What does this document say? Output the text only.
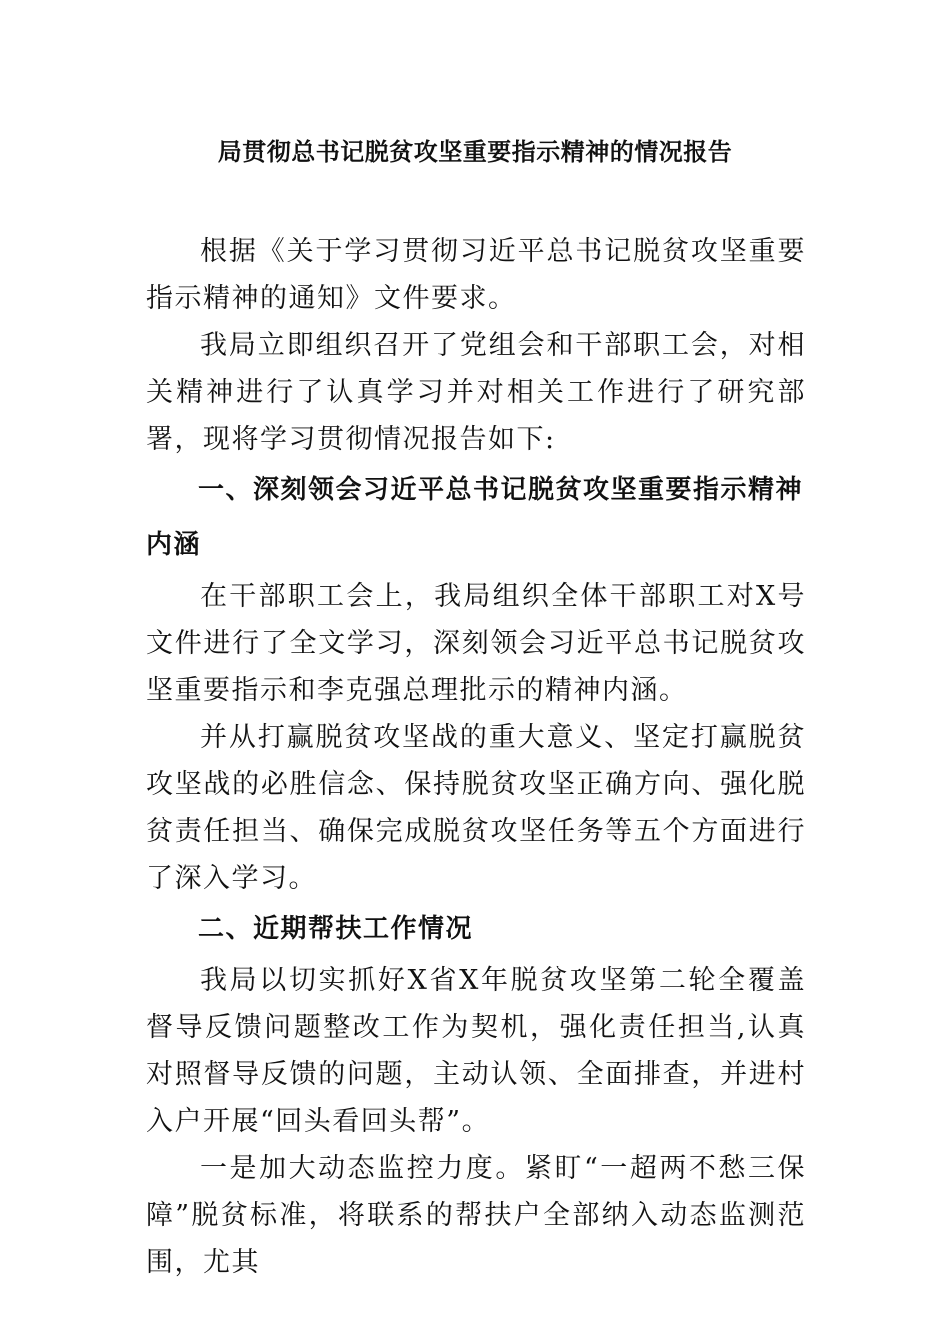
局贯彻总书记脱贫攻坚重要指示精神的情况报告

根据《关于学习贯彻习近平总书记脱贫攻坚重要指示精神的通知》文件要求。

我局立即组织召开了党组会和干部职工会，对相关精神进行了认真学习并对相关工作进行了研究部署，现将学习贯彻情况报告如下:

一、深刻领会习近平总书记脱贫攻坚重要指示精神内涵

在干部职工会上，我局组织全体干部职工对X号文件进行了全文学习，深刻领会习近平总书记脱贫攻坚重要指示和李克强总理批示的精神内涵。

并从打赢脱贫攻坚战的重大意义、坚定打赢脱贫攻坚战的必胜信念、保持脱贫攻坚正确方向、强化脱贫责任担当、确保完成脱贫攻坚任务等五个方面进行了深入学习。

二、近期帮扶工作情况

我局以切实抓好X省X年脱贫攻坚第二轮全覆盖督导反馈问题整改工作为契机，强化责任担当,认真对照督导反馈的问题，主动认领、全面排查，并进村入户开展“回头看回头帮”。

一是加大动态监控力度。紧盯“一超两不愁三保障”脱贫标准，将联系的帮扶户全部纳入动态监测范围，尤其
